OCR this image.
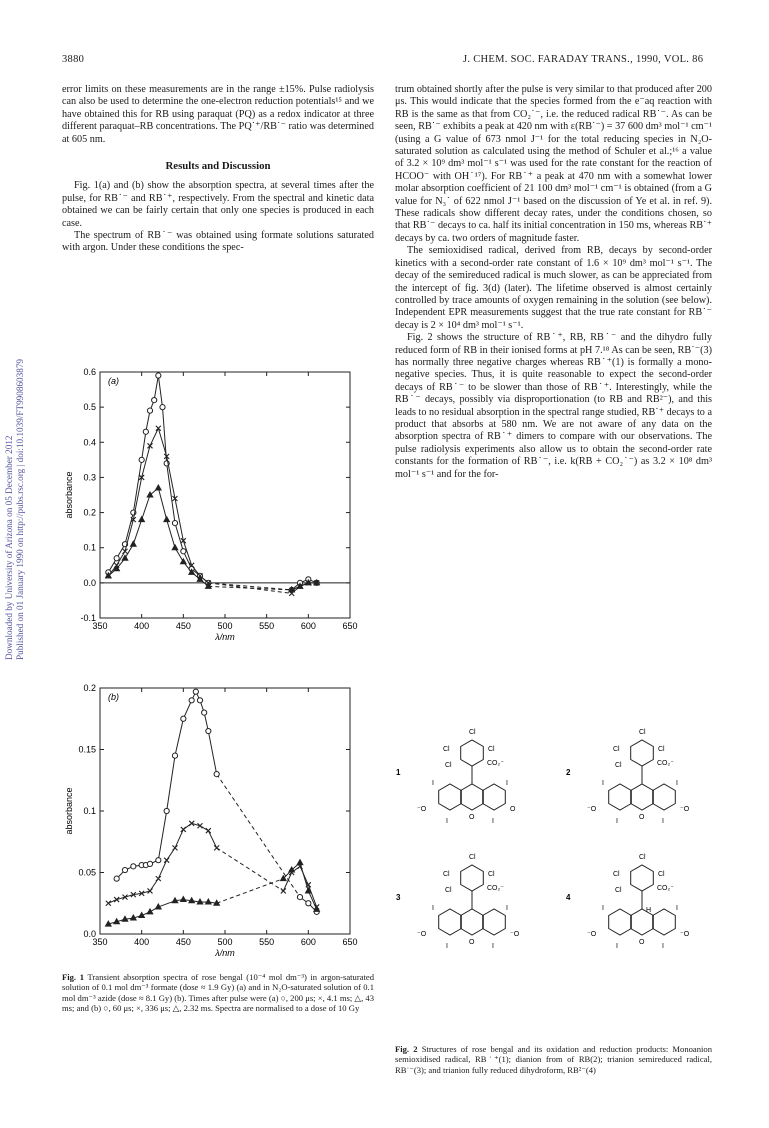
3880	J. CHEM. SOC. FARADAY TRANS., 1990, VOL. 86
Downloaded by University of Arizona on 05 December 2012 Published on 01 January 1990 on http://pubs.rsc.org | doi:10.1039/FT9908603879

error limits on these measurements are in the range ±15%. Pulse radiolysis can also be used to determine the one-electron reduction potentials¹⁵ and we have obtained this for RB using paraquat (PQ) as a redox indicator at three different paraquat–RB concentrations. The PQ˙⁺/RB˙⁻ ratio was determined at 605 nm.

Results and Discussion

Fig. 1(a) and (b) show the absorption spectra, at several times after the pulse, for RB˙⁻ and RB˙⁺, respectively. From the spectral and kinetic data obtained we can be fairly certain that only one species is produced in each case.

The spectrum of RB˙⁻ was obtained using formate solutions saturated with argon. Under these conditions the spec-

trum obtained shortly after the pulse is very similar to that produced after 200 μs. This would indicate that the species formed from the e⁻aq reaction with RB is the same as that from CO₂˙⁻, i.e. the reduced radical RB˙⁻. As can be seen, RB˙⁻ exhibits a peak at 420 nm with ε(RB˙⁻) = 37 600 dm³ mol⁻¹ cm⁻¹ (using a G value of 673 nmol J⁻¹ for the total reducing species in N₂O-saturated solution as calculated using the method of Schuler et al.;¹⁶ a value of 3.2 × 10⁹ dm³ mol⁻¹ s⁻¹ was used for the rate constant for the reaction of HCOO⁻ with OH˙¹⁷). For RB˙⁺ a peak at 470 nm with a somewhat lower molar absorption coefficient of 21 100 dm³ mol⁻¹ cm⁻¹ is obtained (from a G value for N₃˙ of 622 nmol J⁻¹ based on the discussion of Ye et al. in ref. 9). These radicals show different decay rates, under the conditions chosen, so that RB˙⁻ decays to ca. half its initial concentration in 150 ms, whereas RB˙⁺ decays by ca. two orders of magnitude faster.

The semioxidised radical, derived from RB, decays by second-order kinetics with a second-order rate constant of 1.6 × 10⁹ dm³ mol⁻¹ s⁻¹. The decay of the semireduced radical is much slower, as can be appreciated from the intercept of fig. 3(d) (later). The lifetime observed is almost certainly controlled by trace amounts of oxygen remaining in the solution (see below). Independent EPR measurements suggest that the true rate constant for RB˙⁻ decay is 2 × 10⁴ dm³ mol⁻¹ s⁻¹.

Fig. 2 shows the structure of RB˙⁺, RB, RB˙⁻ and the dihydro fully reduced form of RB in their ionised forms at pH 7.¹⁸ As can be seen, RB˙⁻(3) has normally three negative charges whereas RB˙⁺(1) is formally a mono-negative species. Thus, it is quite reasonable to expect the second-order decays of RB˙⁻ to be slower than those of RB˙⁺. Interestingly, while the RB˙⁻ decays, possibly via disproportionation (to RB and RB²⁻), and this leads to no residual absorption in the spectral range studied, RB˙⁺ decays to a product that absorbs at 580 nm. We are not aware of any data on the absorption spectra of RB˙⁺ dimers to compare with our observations. The pulse radiolysis experiments also allow us to obtain the second-order rate constants for the formation of RB˙⁻, i.e. k(RB + CO₂˙⁻) as 3.2 × 10⁸ dm³ mol⁻¹ s⁻¹ and for the for-

350	400	450	500	550	600	650
-0.1
0.0
0.1
0.2
0.3
0.4
0.5
0.6
λ/nm
absorbance
(a)
350	400	450	500	550	600	650
0.0
0.05
0.1
0.15
0.2
λ/nm
absorbance
(b)
Fig. 1 Transient absorption spectra of rose bengal (10⁻⁴ mol dm⁻³) in argon-saturated solution of 0.1 mol dm⁻³ formate (dose ≈ 1.9 Gy) (a) and in N₂O-saturated solution of 0.1 mol dm⁻³ azide (dose ≈ 8.1 Gy) (b). Times after pulse were (a) ○, 200 μs; ×, 4.1 ms; △, 43 ms; and (b) ○, 60 μs; ×, 336 μs; △, 2.32 ms. Spectra are normalised to a dose of 10 Gy
1
Cl
Cl	Cl
Cl	CO₂⁻
⁻O
O
O
I	I
I	I
2
Cl
Cl	Cl
Cl	CO₂⁻
⁻O
O
⁻O
I	I
I	I
3
Cl
Cl	Cl
Cl	CO₂⁻
⁻O
O
⁻O
I	I
I	I
4
Cl
Cl	Cl
Cl	CO₂⁻
⁻O
O
⁻O
I	I
I	I
H
Fig. 2 Structures of rose bengal and its oxidation and reduction products: Monoanion semioxidised radical, RB˙⁺(1); dianion from of RB(2); trianion semireduced radical, RB˙⁻(3); and trianion fully reduced dihydroform, RB²⁻(4)
